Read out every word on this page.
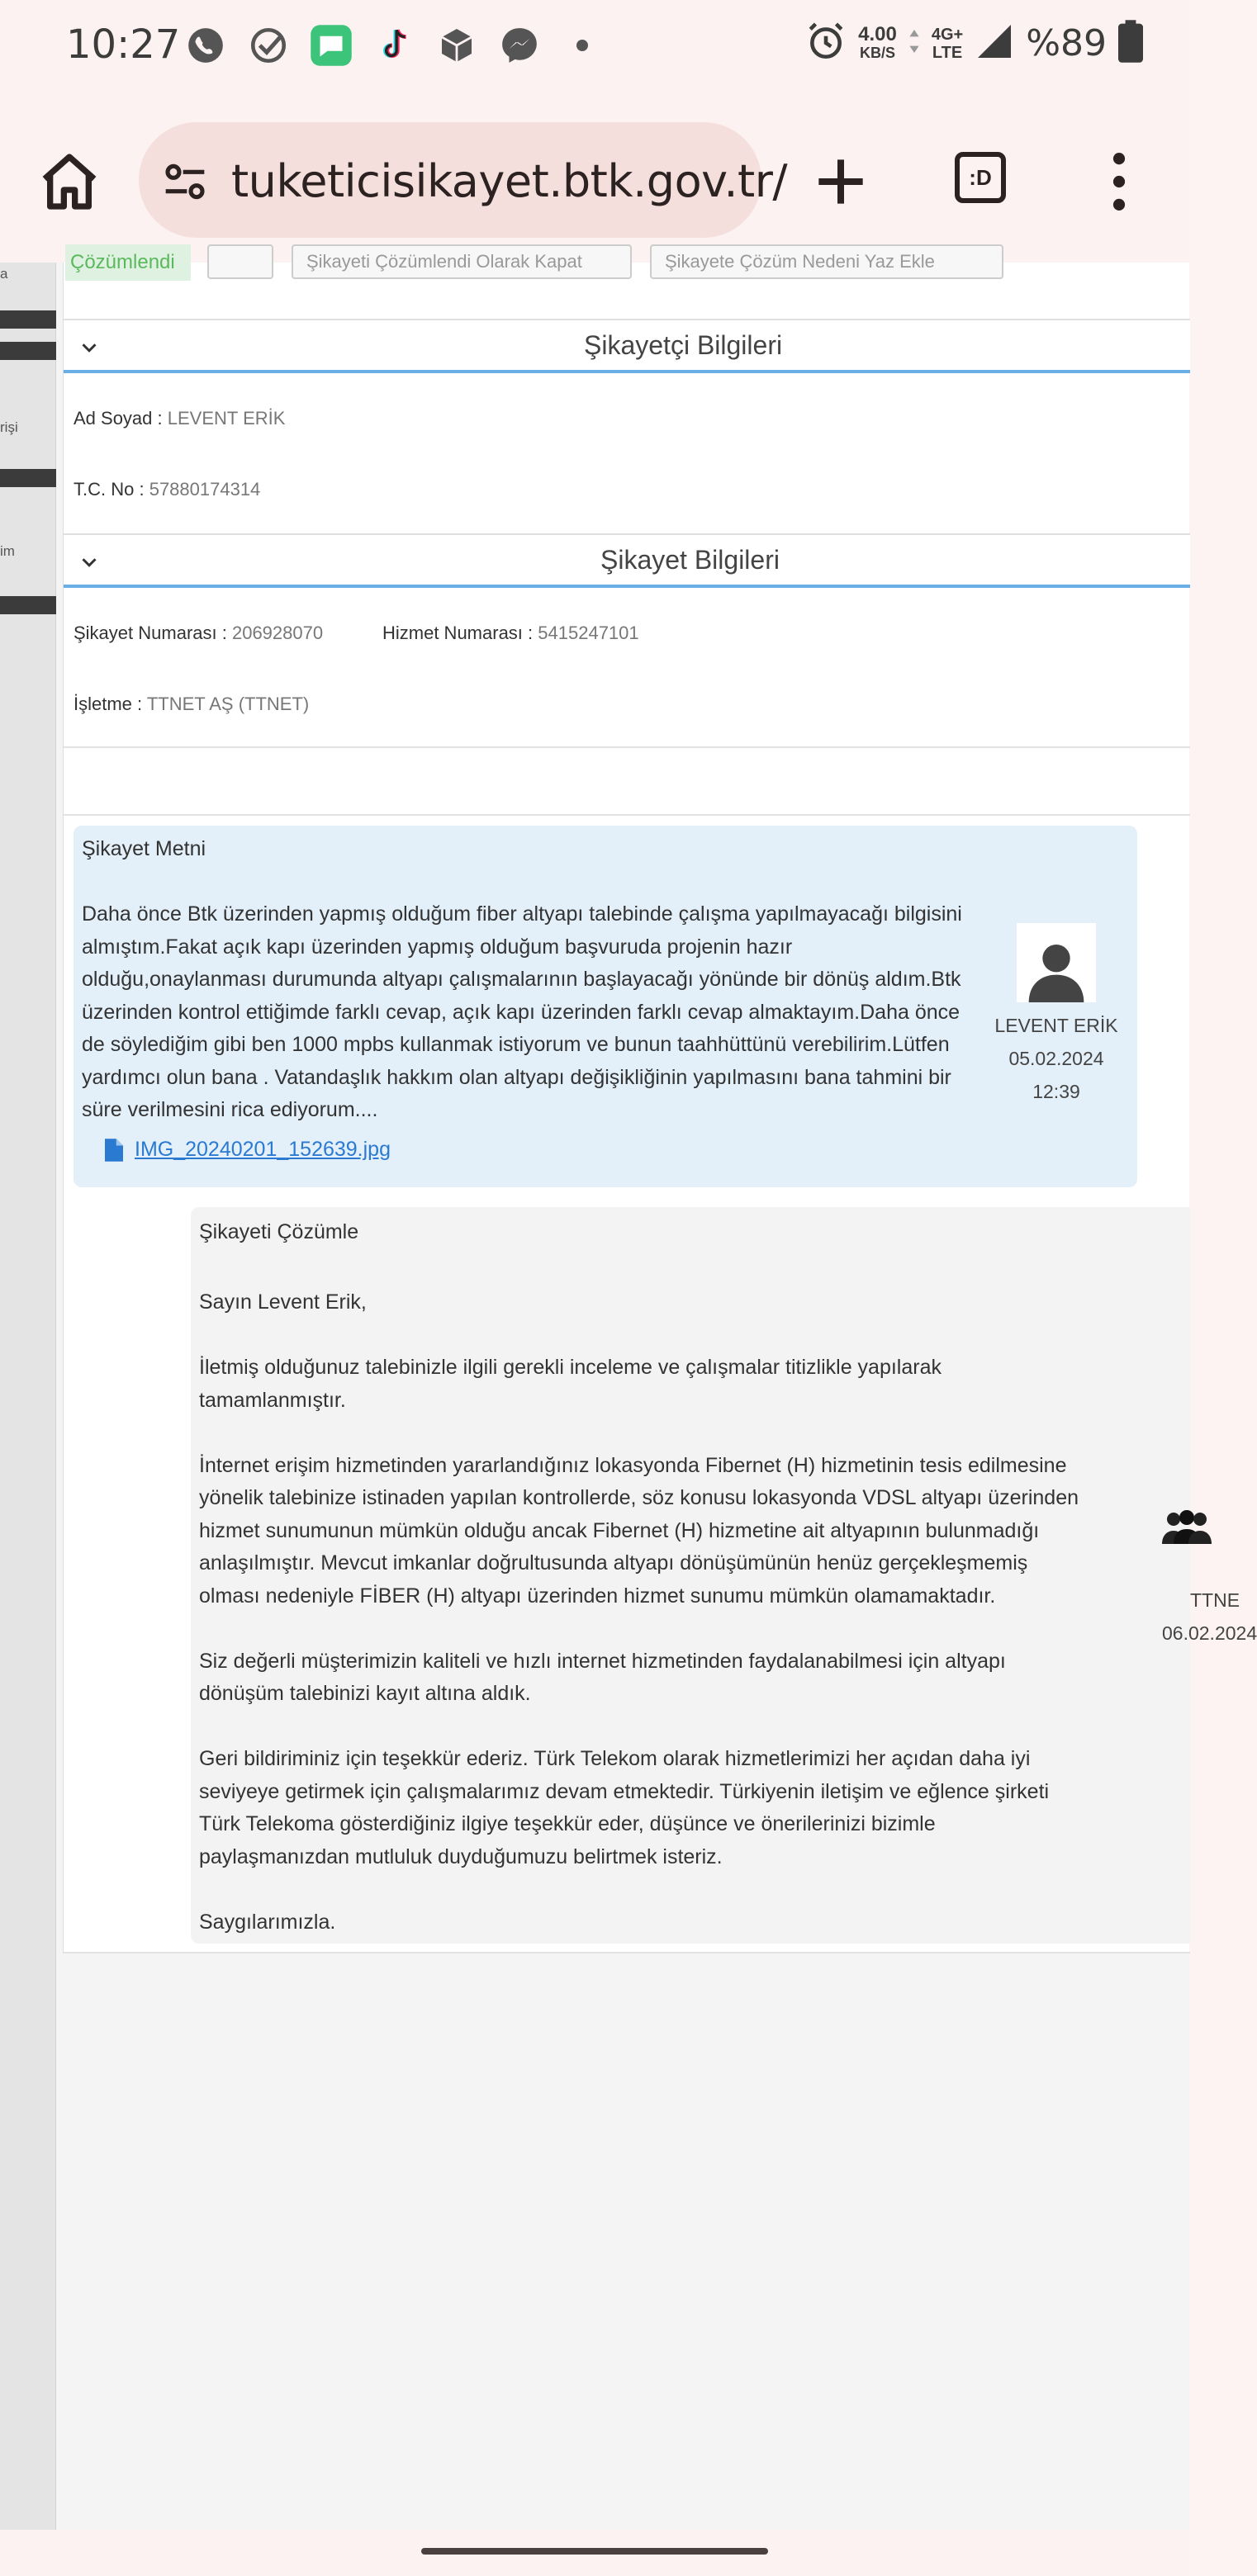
10:27	4.00
KB/S
4G+
LTE %89
tuketicisikayet.btk.gov.tr/	:D
a
rişi
im
Çözümlendi	Şikayeti Çözümlendi Olarak Kapat	Şikayete Çözüm Nedeni Yaz Ekle
Şikayetçi Bilgileri
Ad Soyad : LEVENT ERİK
T.C. No : 57880174314
Şikayet Bilgileri
Şikayet Numarası : 206928070	Hizmet Numarası : 5415247101
İşletme : TTNET AŞ (TTNET)
Şikayet Metni
Daha önce Btk üzerinden yapmış olduğum fiber altyapı talebinde çalışma yapılmayacağı bilgisini almıştım.Fakat açık kapı üzerinden yapmış olduğum başvuruda projenin hazır olduğu,onaylanması durumunda altyapı çalışmalarının başlayacağı yönünde bir dönüş aldım.Btk üzerinden kontrol ettiğimde farklı cevap, açık kapı üzerinden farklı cevap almaktayım.Daha önce de söylediğim gibi ben 1000 mpbs kullanmak istiyorum ve bunun taahhüttünü verebilirim.Lütfen yardımcı olun bana . Vatandaşlık hakkım olan altyapı değişikliğinin yapılmasını bana tahmini bir süre verilmesini rica ediyorum....
LEVENT ERİK
05.02.2024 12:39
IMG_20240201_152639.jpg
Şikayeti Çözümle

Sayın Levent Erik,

İletmiş olduğunuz talebinizle ilgili gerekli inceleme ve çalışmalar titizlikle yapılarak tamamlanmıştır.

İnternet erişim hizmetinden yararlandığınız lokasyonda Fibernet (H) hizmetinin tesis edilmesine yönelik talebinize istinaden yapılan kontrollerde, söz konusu lokasyonda VDSL altyapı üzerinden hizmet sunumunun mümkün olduğu ancak Fibernet (H) hizmetine ait altyapının bulunmadığı anlaşılmıştır. Mevcut imkanlar doğrultusunda altyapı dönüşümünün henüz gerçekleşmemiş olması nedeniyle FİBER (H) altyapı üzerinden hizmet sunumu mümkün olamamaktadır.

Siz değerli müşterimizin kaliteli ve hızlı internet hizmetinden faydalanabilmesi için altyapı dönüşüm talebinizi kayıt altına aldık.

Geri bildiriminiz için teşekkür ederiz. Türk Telekom olarak hizmetlerimizi her açıdan daha iyi seviyeye getirmek için çalışmalarımız devam etmektedir. Türkiyenin iletişim ve eğlence şirketi Türk Telekoma gösterdiğiniz ilgiye teşekkür eder, düşünce ve önerilerinizi bizimle paylaşmanızdan mutluluk duyduğumuzu belirtmek isteriz.

Saygılarımızla.

TTNE
06.02.2024
